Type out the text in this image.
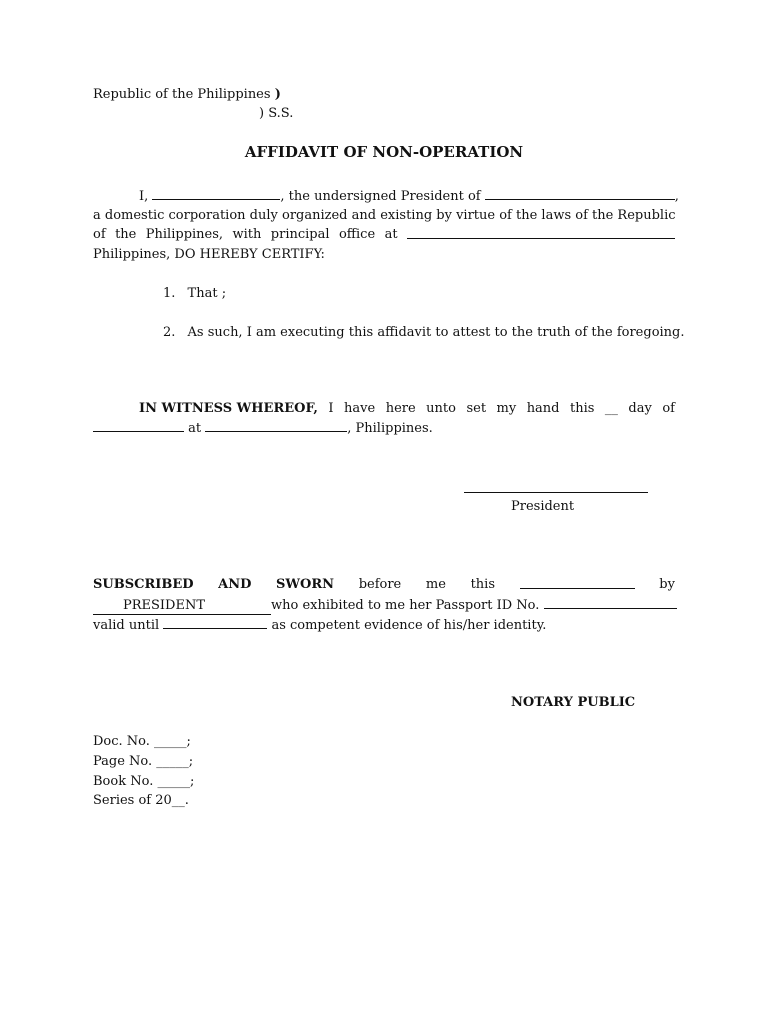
Republic of the Philippines )
) S.S.
AFFIDAVIT OF NON-OPERATION
I,	, the undersigned President of	,
a domestic corporation duly organized and existing by virtue of the laws of the Republic
of the Philippines, with principal office at
Philippines, DO HEREBY CERTIFY:
1. That ;
2. As such, I am executing this affidavit to attest to the truth of the foregoing.
IN WITNESS WHEREOF, I have here unto set my hand this __ day of
at	, Philippines.
President
SUBSCRIBED AND SWORN before me this	by
PRESIDENT	who exhibited to me her Passport ID No.
valid until	as competent evidence of his/her identity.
NOTARY PUBLIC
Doc. No. _____;
Page No. _____;
Book No. _____;
Series of 20__.
